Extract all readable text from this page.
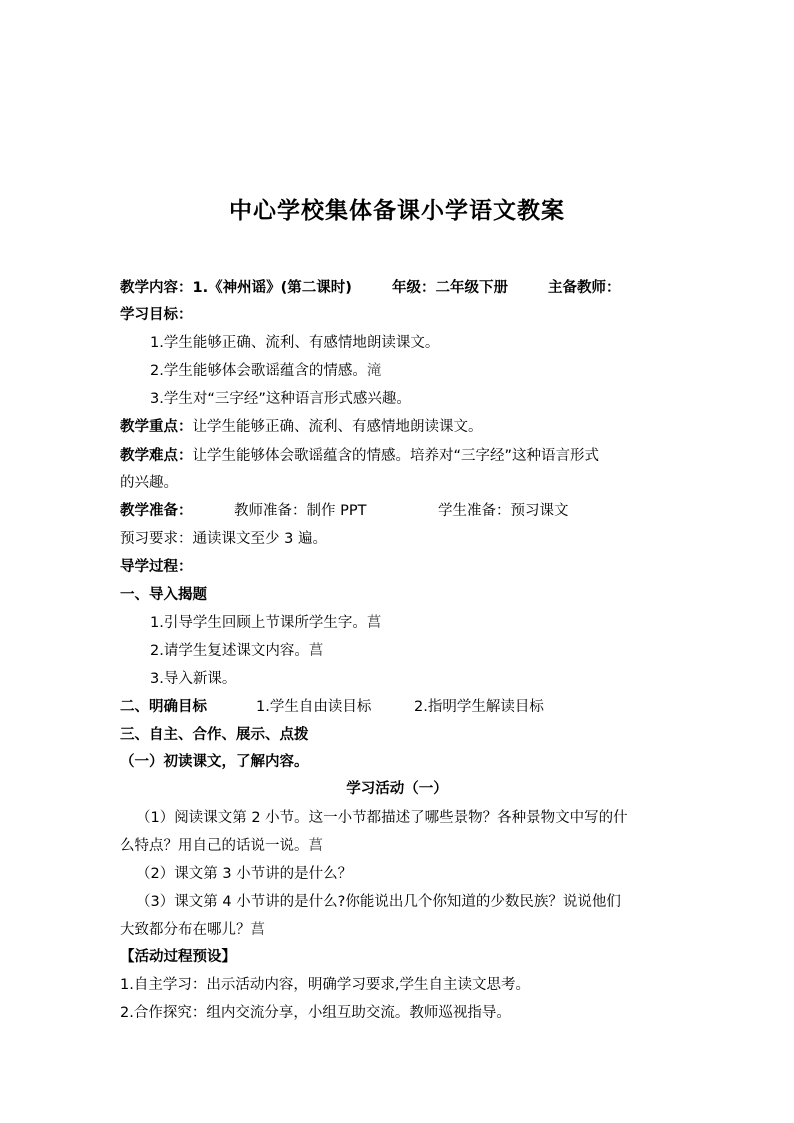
中心学校集体备课小学语文教案
教学内容：1.《神州谣》(第二课时)	年级：二年级下册	主备教师：
学习目标：
1.学生能够正确、流利、有感情地朗读课文。
2.学生能够体会歌谣蕴含的情感。滝
3.学生对“三字经”这种语言形式感兴趣。
教学重点：让学生能够正确、流利、有感情地朗读课文。
教学难点：让学生能够体会歌谣蕴含的情感。培养对“三字经”这种语言形式
的兴趣。
教学准备：	教师准备：制作 PPT	学生准备：预习课文
预习要求：通读课文至少 3 遍。
导学过程：
一、导入揭题
1.引导学生回顾上节课所学生字。菖
2.请学生复述课文内容。菖
3.导入新课。
二、明确目标	1.学生自由读目标	2.指明学生解读目标
三、自主、合作、展示、点拨
（一）初读课文，了解内容。
学习活动（一）
（1）阅读课文第 2 小节。这一小节都描述了哪些景物？各种景物文中写的什
么特点？用自己的话说一说。菖
（2）课文第 3 小节讲的是什么？
（3）课文第 4 小节讲的是什么?你能说出几个你知道的少数民族？说说他们
大致都分布在哪儿？菖
【活动过程预设】
1.自主学习：出示活动内容，明确学习要求,学生自主读文思考。
2.合作探究：组内交流分享，小组互助交流。教师巡视指导。
